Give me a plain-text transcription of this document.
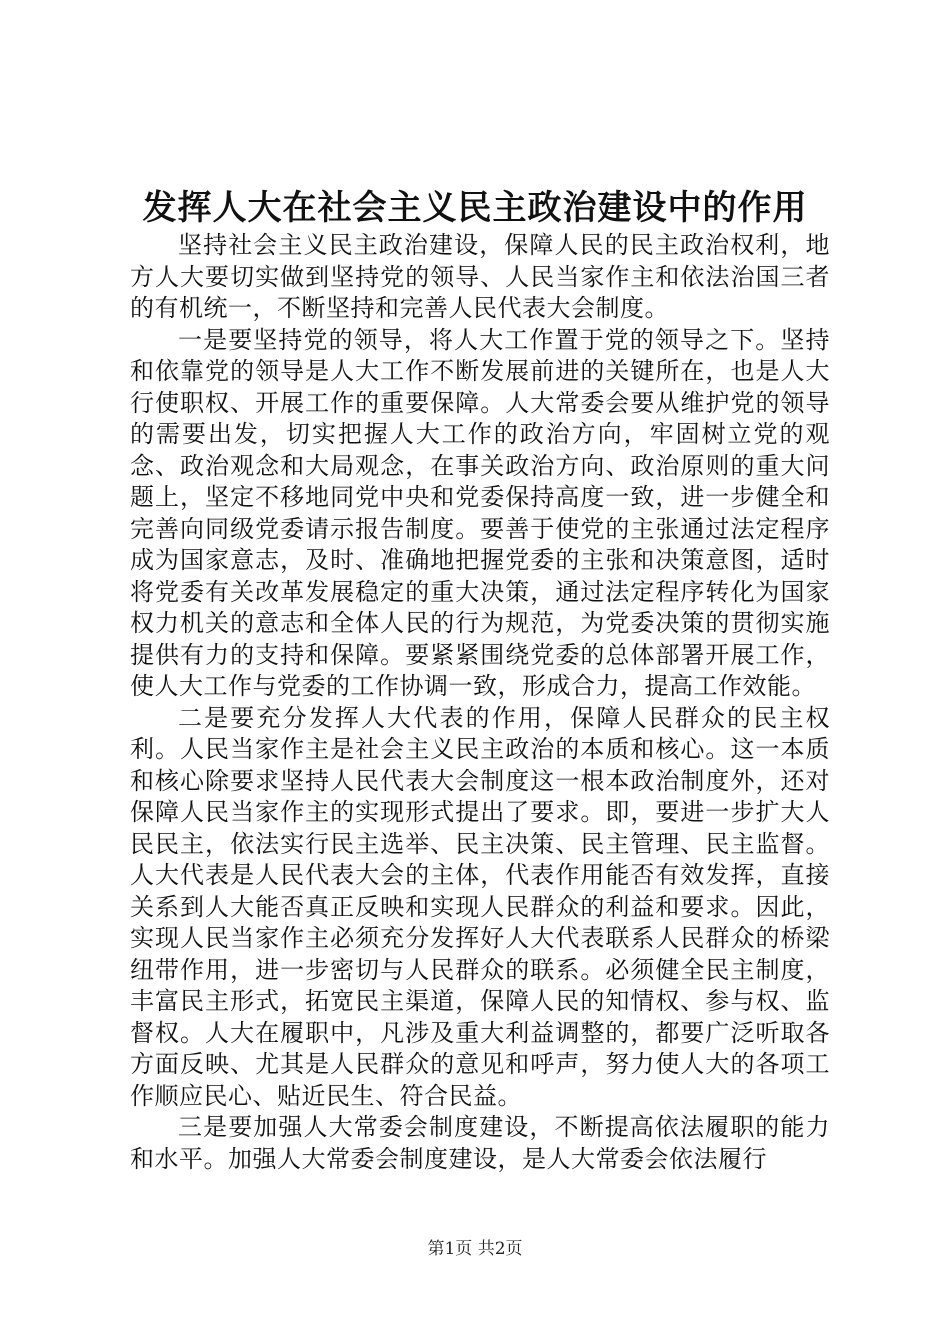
发挥人大在社会主义民主政治建设中的作用

坚持社会主义民主政治建设，保障人民的民主政治权利，地方人大要切实做到坚持党的领导、人民当家作主和依法治国三者的有机统一，不断坚持和完善人民代表大会制度。

一是要坚持党的领导，将人大工作置于党的领导之下。坚持和依靠党的领导是人大工作不断发展前进的关键所在，也是人大行使职权、开展工作的重要保障。人大常委会要从维护党的领导的需要出发，切实把握人大工作的政治方向，牢固树立党的观念、政治观念和大局观念，在事关政治方向、政治原则的重大问题上，坚定不移地同党中央和党委保持高度一致，进一步健全和完善向同级党委请示报告制度。要善于使党的主张通过法定程序成为国家意志，及时、准确地把握党委的主张和决策意图，适时将党委有关改革发展稳定的重大决策，通过法定程序转化为国家权力机关的意志和全体人民的行为规范，为党委决策的贯彻实施提供有力的支持和保障。要紧紧围绕党委的总体部署开展工作，使人大工作与党委的工作协调一致，形成合力，提高工作效能。

二是要充分发挥人大代表的作用，保障人民群众的民主权利。人民当家作主是社会主义民主政治的本质和核心。这一本质和核心除要求坚持人民代表大会制度这一根本政治制度外，还对保障人民当家作主的实现形式提出了要求。即，要进一步扩大人民民主，依法实行民主选举、民主决策、民主管理、民主监督。人大代表是人民代表大会的主体，代表作用能否有效发挥，直接关系到人大能否真正反映和实现人民群众的利益和要求。因此，实现人民当家作主必须充分发挥好人大代表联系人民群众的桥梁纽带作用，进一步密切与人民群众的联系。必须健全民主制度，丰富民主形式，拓宽民主渠道，保障人民的知情权、参与权、监督权。人大在履职中，凡涉及重大利益调整的，都要广泛听取各方面反映、尤其是人民群众的意见和呼声，努力使人大的各项工作顺应民心、贴近民生、符合民益。

三是要加强人大常委会制度建设，不断提高依法履职的能力和水平。加强人大常委会制度建设，是人大常委会依法履行

第1页 共2页
